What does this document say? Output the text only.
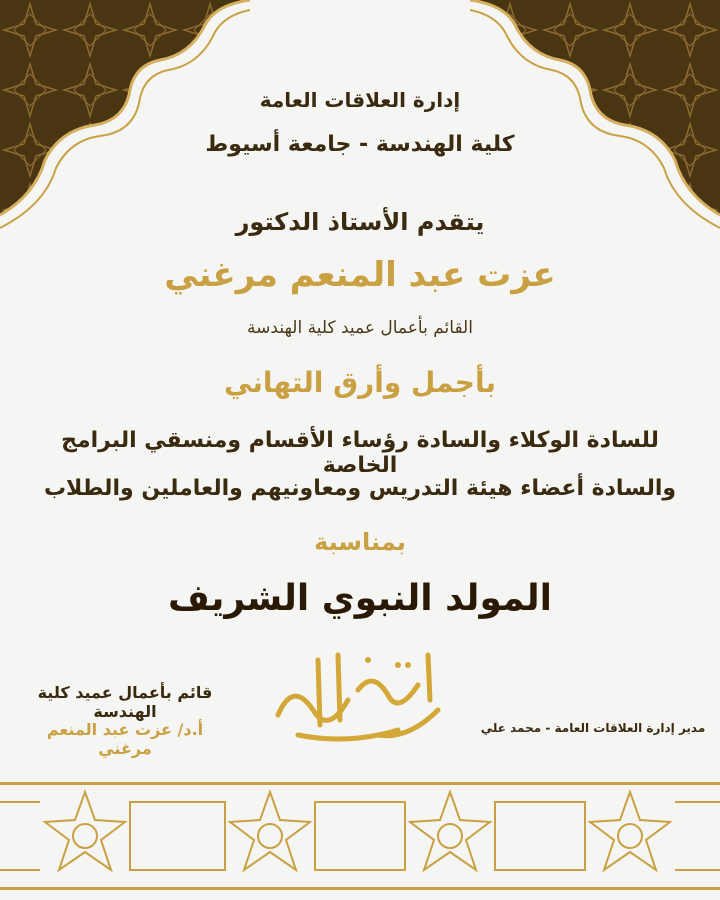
إدارة العلاقات العامة
كلية الهندسة - جامعة أسيوط
يتقدم الأستاذ الدكتور
عزت عبد المنعم مرغني
القائم بأعمال عميد كلية الهندسة
بأجمل وأرق التهاني
للسادة الوكلاء والسادة رؤساء الأقسام ومنسقي البرامج الخاصة
والسادة أعضاء هيئة التدريس ومعاونيهم والعاملين والطلاب
بمناسبة
المولد النبوي الشريف
قائم بأعمال عميد كلية الهندسة
أ.د/ عزت عبد المنعم مرغني
مدير إدارة العلاقات العامة - محمد علي
